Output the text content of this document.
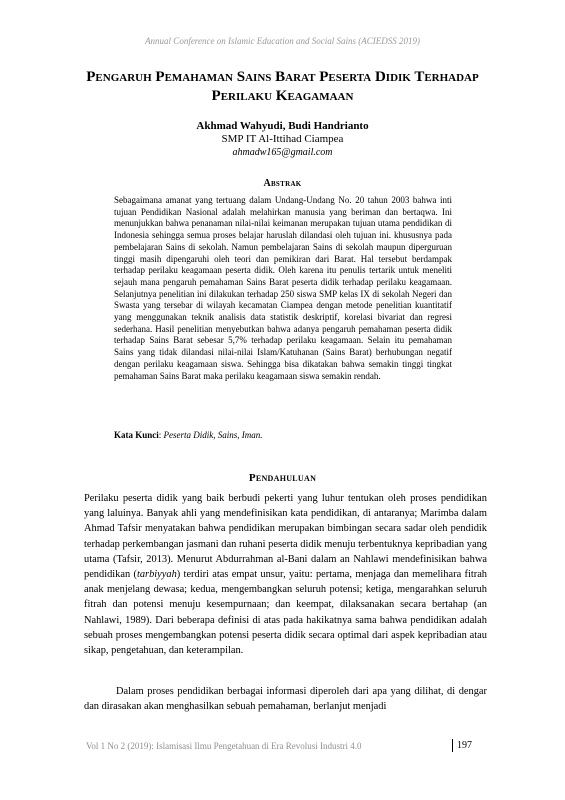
Annual Conference on Islamic Education and Social Sains (ACIEDSS 2019)
Pengaruh Pemahaman Sains Barat Peserta Didik Terhadap Perilaku Keagamaan
Akhmad Wahyudi, Budi Handrianto
SMP IT Al-Ittihad Ciampea
ahmadw165@gmail.com
Abstrak
Sebagaimana amanat yang tertuang dalam Undang-Undang No. 20 tahun 2003 bahwa inti tujuan Pendidikan Nasional adalah melahirkan manusia yang beriman dan bertaqwa. Ini menunjukkan bahwa penanaman nilai-nilai keimanan merupakan tujuan utama pendidikan di Indonesia sehingga semua proses belajar haruslah dilandasi oleh tujuan ini. khususnya pada pembelajaran Sains di sekolah. Namun pembelajaran Sains di sekolah maupun diperguruan tinggi masih dipengaruhi oleh teori dan pemikiran dari Barat. Hal tersebut berdampak terhadap perilaku keagamaan peserta didik. Oleh karena itu penulis tertarik untuk meneliti sejauh mana pengaruh pemahaman Sains Barat peserta didik terhadap perilaku keagamaan. Selanjutnya penelitian ini dilakukan terhadap 250 siswa SMP kelas IX di sekolah Negeri dan Swasta yang tersebar di wilayah kecamatan Ciampea dengan metode penelitian kuantitatif yang menggunakan teknik analisis data statistik deskriptif, korelasi bivariat dan regresi sederhana. Hasil penelitian menyebutkan bahwa adanya pengaruh pemahaman peserta didik terhadap Sains Barat sebesar 5,7% terhadap perilaku keagamaan. Selain itu pemahaman Sains yang tidak dilandasi nilai-nilai Islam/Katuhanan (Sains Barat) berhubungan negatif dengan perilaku keagamaan siswa. Sehingga bisa dikatakan bahwa semakin tinggi tingkat pemahaman Sains Barat maka perilaku keagamaan siswa semakin rendah.
Kata Kunci: Peserta Didik, Sains, Iman.
Pendahuluan
Perilaku peserta didik yang baik berbudi pekerti yang luhur tentukan oleh proses pendidikan yang laluinya. Banyak ahli yang mendefinisikan kata pendidikan, di antaranya; Marimba dalam Ahmad Tafsir menyatakan bahwa pendidikan merupakan bimbingan secara sadar oleh pendidik terhadap perkembangan jasmani dan ruhani peserta didik menuju terbentuknya kepribadian yang utama (Tafsir, 2013). Menurut Abdurrahman al-Bani dalam an Nahlawi mendefinisikan bahwa pendidikan (tarbiyyah) terdiri atas empat unsur, yaitu: pertama, menjaga dan memelihara fitrah anak menjelang dewasa; kedua, mengembangkan seluruh potensi; ketiga, mengarahkan seluruh fitrah dan potensi menuju kesempurnaan; dan keempat, dilaksanakan secara bertahap (an Nahlawi, 1989). Dari beberapa definisi di atas pada hakikatnya sama bahwa pendidikan adalah sebuah proses mengembangkan potensi peserta didik secara optimal dari aspek kepribadian atau sikap, pengetahuan, dan keterampilan.
Dalam proses pendidikan berbagai informasi diperoleh dari apa yang dilihat, di dengar dan dirasakan akan menghasilkan sebuah pemahaman, berlanjut menjadi
Vol 1 No 2 (2019): Islamisasi Ilmu Pengetahuan di Era Revolusi Industri 4.0	197
